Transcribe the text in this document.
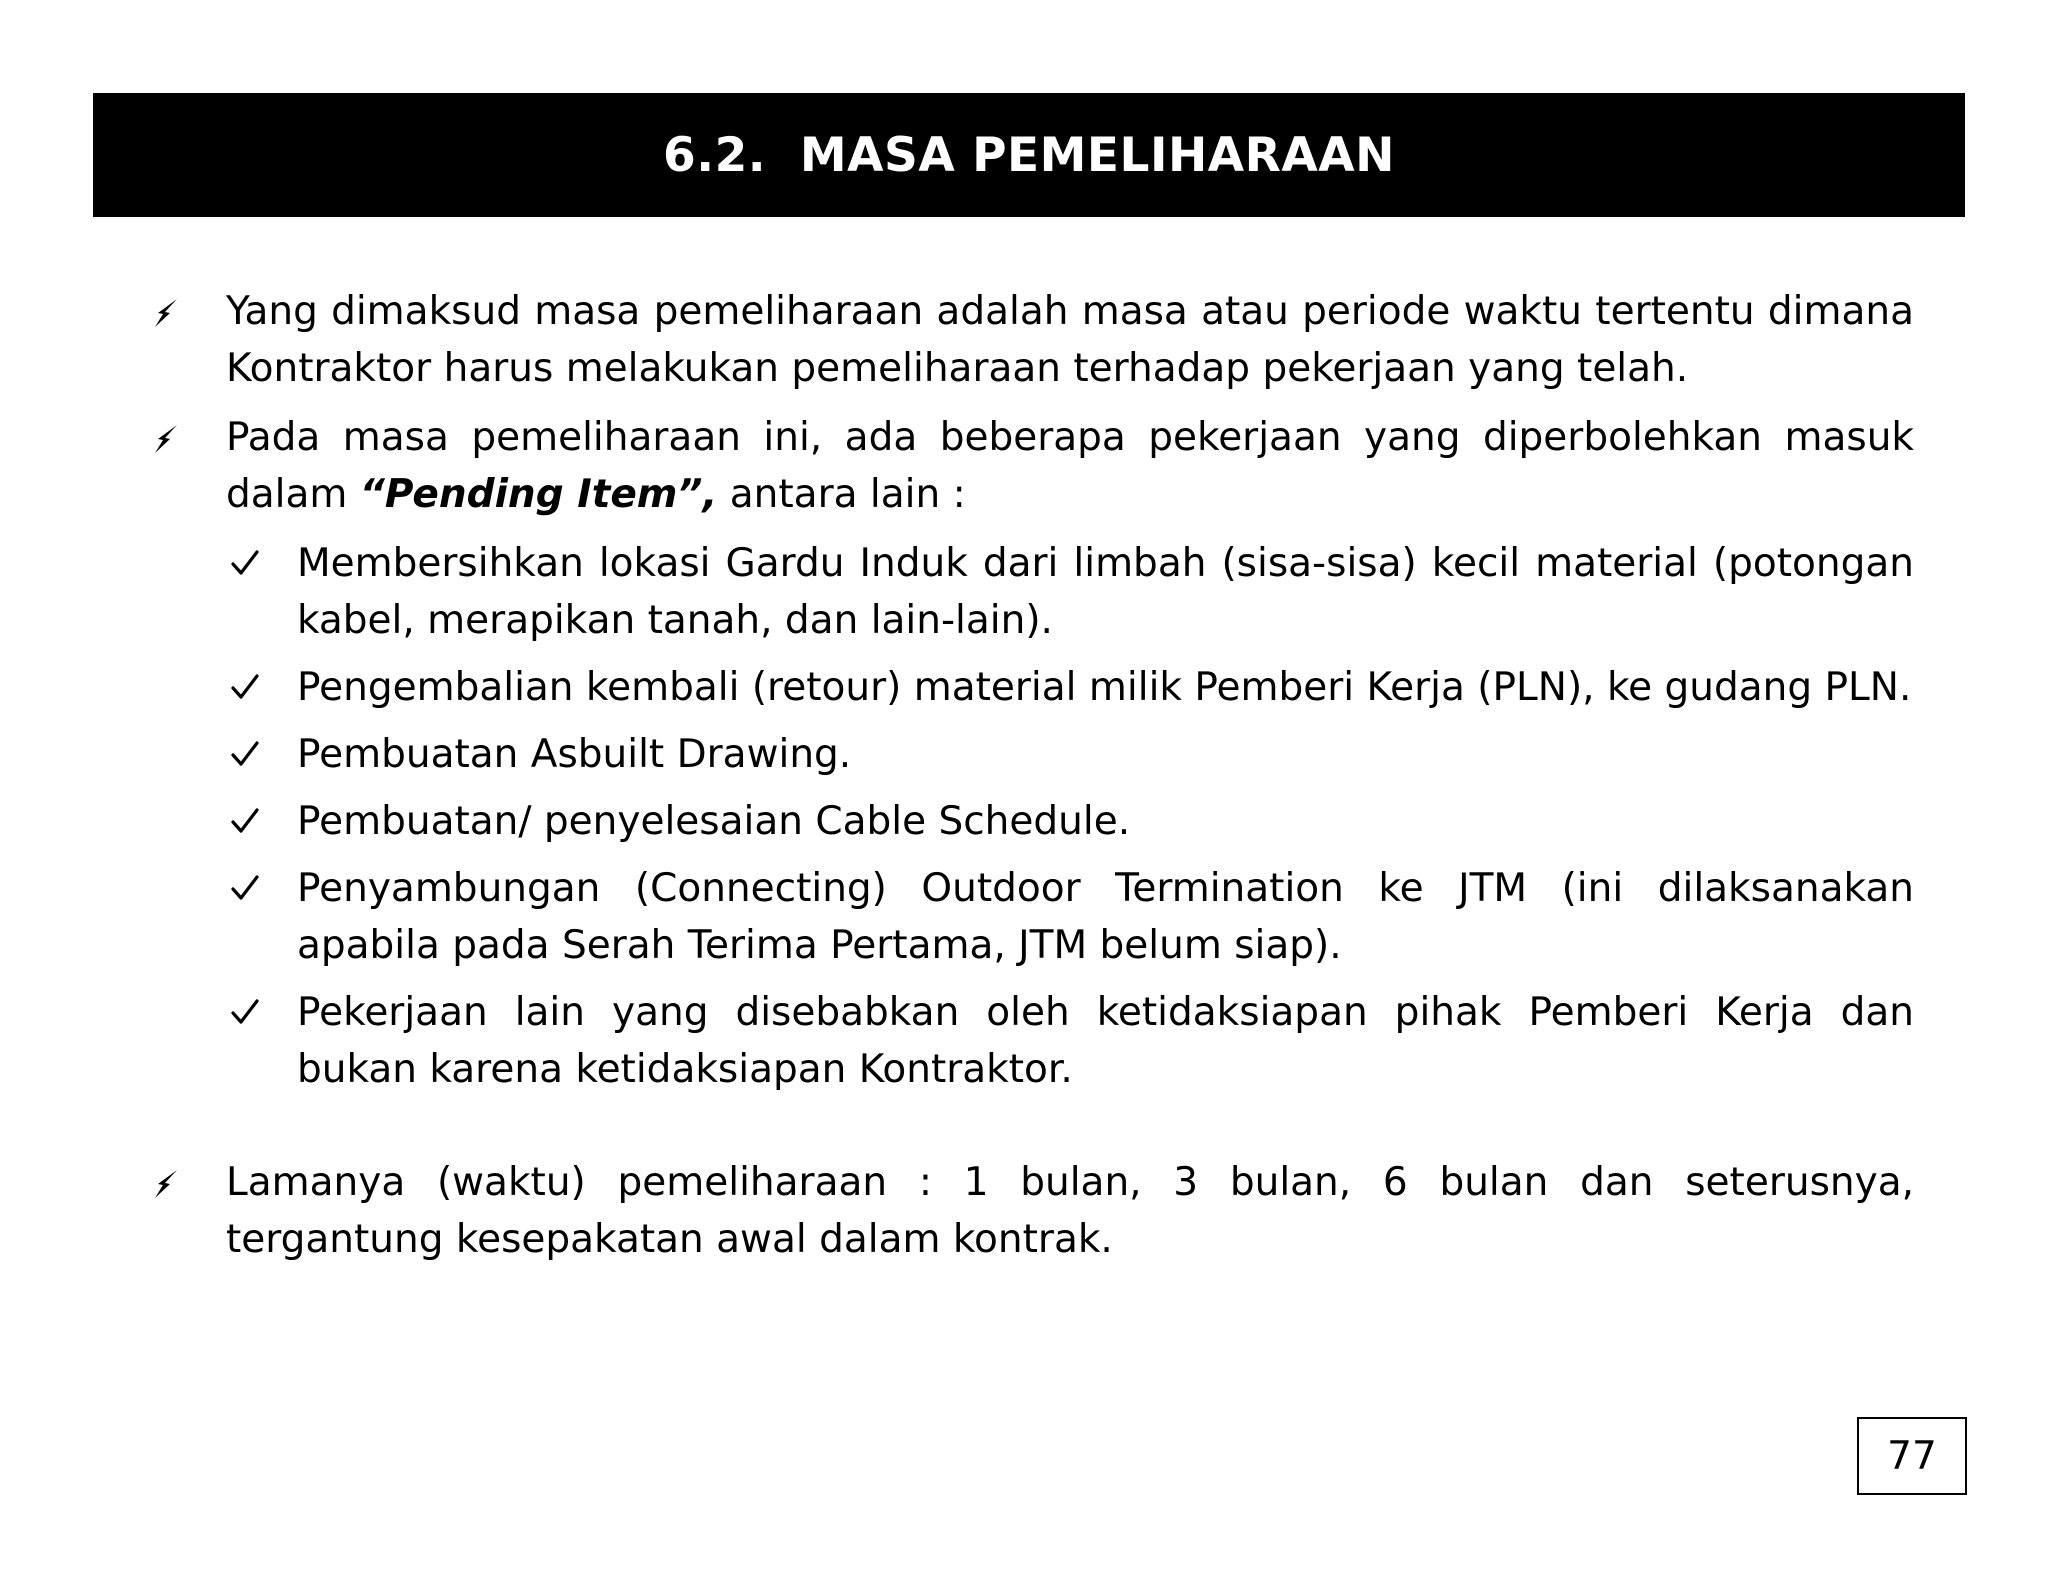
6.2.  MASA PEMELIHARAAN
Yang dimaksud masa pemeliharaan adalah masa atau periode waktu tertentu dimana Kontraktor harus melakukan pemeliharaan terhadap pekerjaan yang telah.
Pada masa pemeliharaan ini, ada beberapa pekerjaan yang diperbolehkan masuk dalam “Pending Item”, antara lain :
Membersihkan lokasi Gardu Induk dari limbah (sisa-sisa) kecil material (potongan kabel, merapikan tanah, dan lain-lain).
Pengembalian kembali (retour) material milik Pemberi Kerja (PLN), ke gudang PLN.
Pembuatan Asbuilt Drawing.
Pembuatan/ penyelesaian Cable Schedule.
Penyambungan (Connecting) Outdoor Termination ke JTM (ini dilaksanakan apabila pada Serah Terima Pertama, JTM belum siap).
Pekerjaan lain yang disebabkan oleh ketidaksiapan pihak Pemberi Kerja dan bukan karena ketidaksiapan Kontraktor.
Lamanya (waktu) pemeliharaan : 1 bulan, 3 bulan, 6 bulan dan seterusnya, tergantung kesepakatan awal dalam kontrak.
77
